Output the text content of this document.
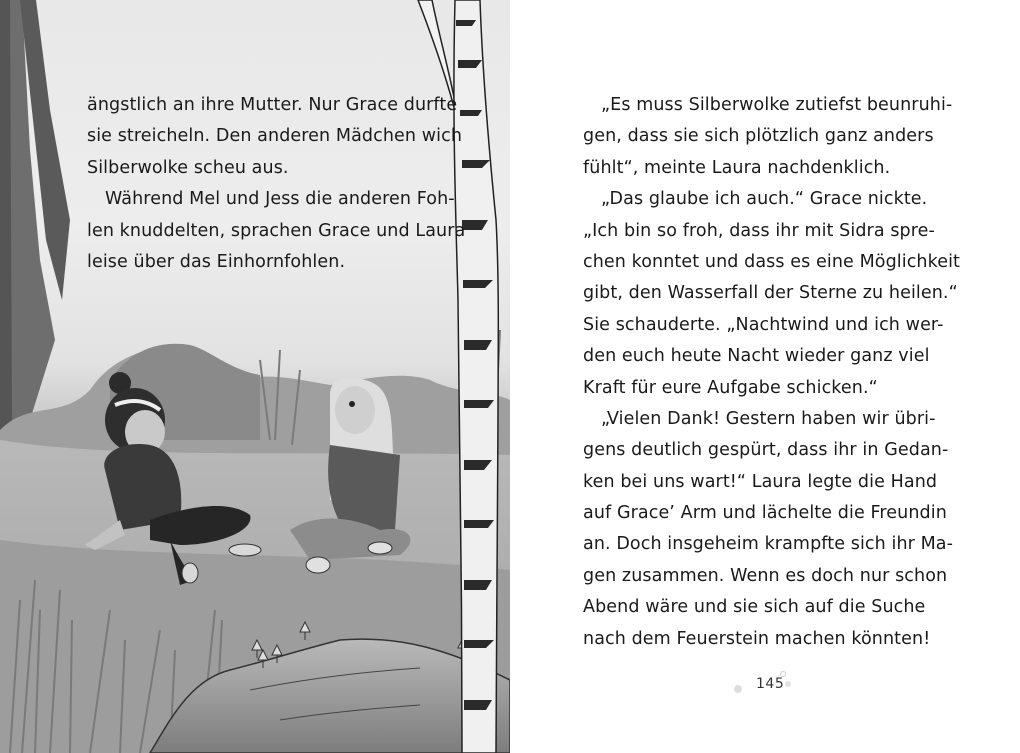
ängstlich an ihre Mutter. Nur Grace durfte
sie streicheln. Den anderen Mädchen wich
Silberwolke scheu aus.
Während Mel und Jess die anderen Foh-
len knuddelten, sprachen Grace und Laura
leise über das Einhornfohlen.
„Es muss Silberwolke zutiefst beunruhi-
gen, dass sie sich plötzlich ganz anders
fühlt“, meinte Laura nachdenklich.
„Das glaube ich auch.“ Grace nickte.
„Ich bin so froh, dass ihr mit Sidra spre-
chen konntet und dass es eine Möglichkeit
gibt, den Wasserfall der Sterne zu heilen.“
Sie schauderte. „Nachtwind und ich wer-
den euch heute Nacht wieder ganz viel
Kraft für eure Aufgabe schicken.“
„Vielen Dank! Gestern haben wir übri-
gens deutlich gespürt, dass ihr in Gedan-
ken bei uns wart!“ Laura legte die Hand
auf Grace’ Arm und lächelte die Freundin
an. Doch insgeheim krampfte sich ihr Ma-
gen zusammen. Wenn es doch nur schon
Abend wäre und sie sich auf die Suche
nach dem Feuerstein machen könnten!
145
